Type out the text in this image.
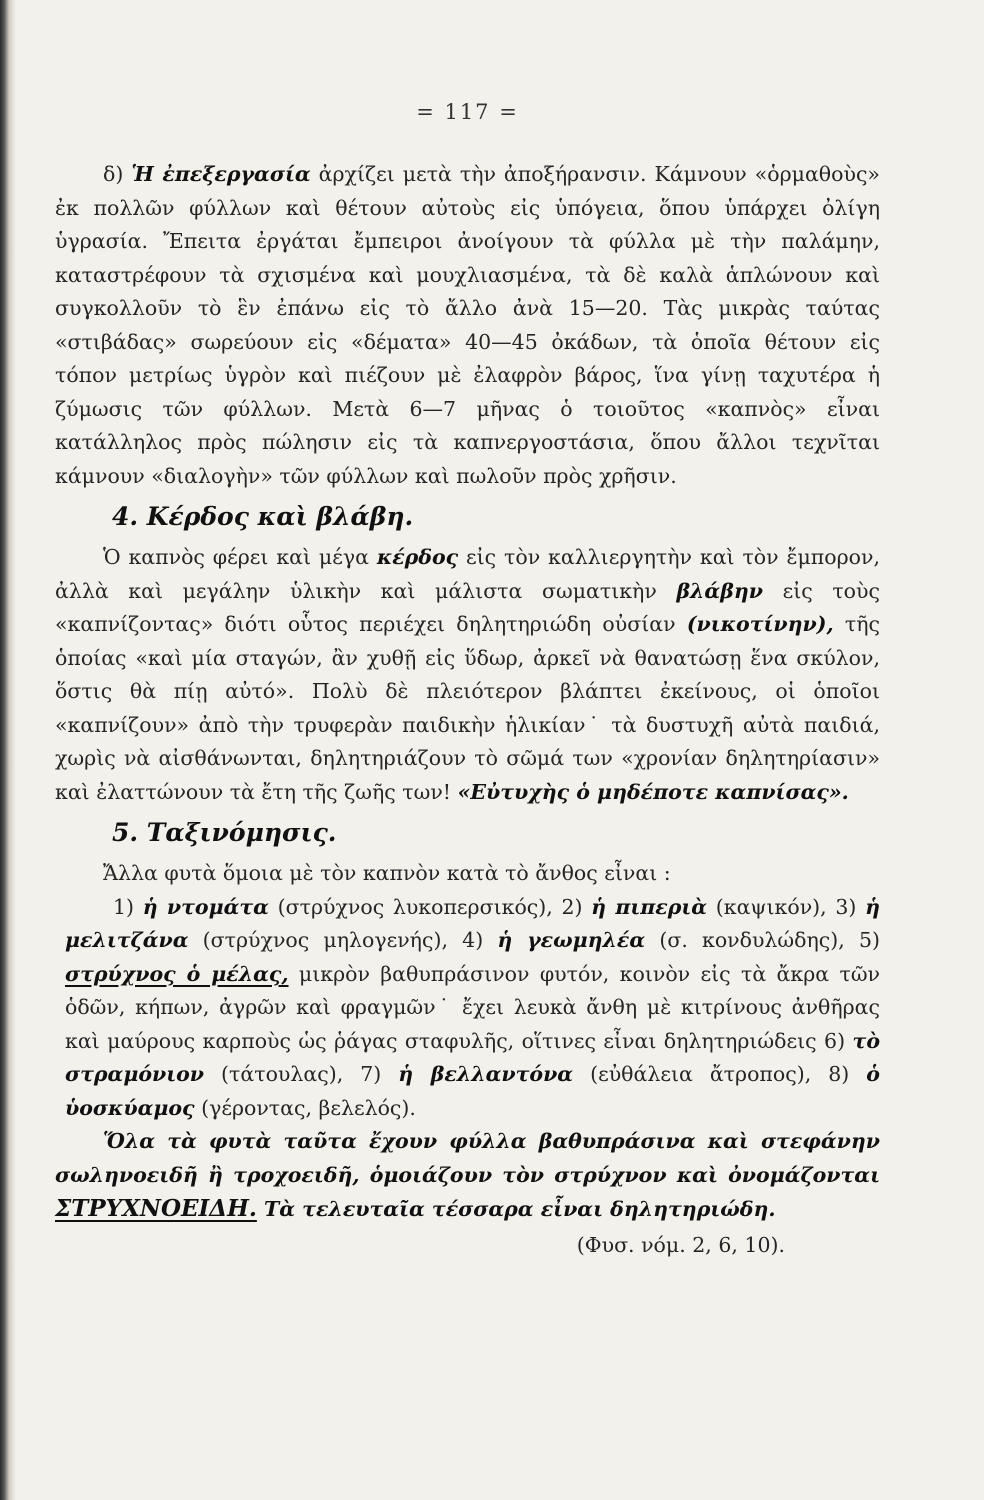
= 117 =

δ) Ἡ ἐπεξεργασία ἀρχίζει μετὰ τὴν ἀποξήρανσιν. Κάμνουν «ὁρμαθοὺς» ἐκ πολλῶν φύλλων καὶ θέτουν αὐτοὺς εἰς ὑπόγεια, ὅπου ὑπάρχει ὀλίγη ὑγρασία. Ἔπειτα ἐργάται ἔμπειροι ἀνοίγουν τὰ φύλλα μὲ τὴν παλάμην, καταστρέφουν τὰ σχισμένα καὶ μουχλιασμένα, τὰ δὲ καλὰ ἁπλώνουν καὶ συγκολλοῦν τὸ ἓν ἐπάνω εἰς τὸ ἄλλο ἀνὰ 15—20. Τὰς μικρὰς ταύτας «στιβάδας» σωρεύουν εἰς «δέματα» 40—45 ὀκάδων, τὰ ὁποῖα θέτουν εἰς τόπον μετρίως ὑγρὸν καὶ πιέζουν μὲ ἐλαφρὸν βάρος, ἵνα γίνῃ ταχυτέρα ἡ ζύμωσις τῶν φύλλων. Μετὰ 6—7 μῆνας ὁ τοιοῦτος «καπνὸς» εἶναι κατάλληλος πρὸς πώλησιν εἰς τὰ καπνεργοστάσια, ὅπου ἄλλοι τεχνῖται κάμνουν «διαλογὴν» τῶν φύλλων καὶ πωλοῦν πρὸς χρῆσιν.

4. Κέρδος καὶ βλάβη.

Ὁ καπνὸς φέρει καὶ μέγα κέρδος εἰς τὸν καλλιεργητὴν καὶ τὸν ἔμπορον, ἀλλὰ καὶ μεγάλην ὑλικὴν καὶ μάλιστα σωματικὴν βλάβην εἰς τοὺς «καπνίζοντας» διότι οὗτος περιέχει δηλητηριώδη οὐσίαν (νικοτίνην), τῆς ὁποίας «καὶ μία σταγών, ἂν χυθῇ εἰς ὕδωρ, ἀρκεῖ νὰ θανατώσῃ ἕνα σκύλον, ὅστις θὰ πίῃ αὐτό». Πολὺ δὲ πλειότερον βλάπτει ἐκείνους, οἱ ὁποῖοι «καπνίζουν» ἀπὸ τὴν τρυφερὰν παιδικὴν ἡλικίαν˙ τὰ δυστυχῆ αὐτὰ παιδιά, χωρὶς νὰ αἰσθάνωνται, δηλητηριάζουν τὸ σῶμά των «χρονίαν δηλητηρίασιν» καὶ ἐλαττώνουν τὰ ἔτη τῆς ζωῆς των! «Εὐτυχὴς ὁ μηδέποτε καπνίσας».

5. Ταξινόμησις.

Ἄλλα φυτὰ ὅμοια μὲ τὸν καπνὸν κατὰ τὸ ἄνθος εἶναι :

1) ἡ ντομάτα (στρύχνος λυκοπερσικός), 2) ἡ πιπεριὰ (καψικόν), 3) ἡ μελιτζάνα (στρύχνος μηλογενής), 4) ἡ γεωμηλέα (σ. κονδυλώδης), 5) στρύχνος ὁ μέλας, μικρὸν βαθυπράσινον φυτόν, κοινὸν εἰς τὰ ἄκρα τῶν ὁδῶν, κήπων, ἀγρῶν καὶ φραγμῶν˙ ἔχει λευκὰ ἄνθη μὲ κιτρίνους ἀνθῆρας καὶ μαύρους καρποὺς ὡς ῥάγας σταφυλῆς, οἵτινες εἶναι δηλητηριώδεις 6) τὸ στραμόνιον (τάτουλας), 7) ἡ βελλαντόνα (εὐθάλεια ἄτροπος), 8) ὁ ὑοσκύαμος (γέροντας, βελελός).

Ὅλα τὰ φυτὰ ταῦτα ἔχουν φύλλα βαθυπράσινα καὶ στεφάνην σωληνοειδῆ ἢ τροχοειδῆ, ὁμοιάζουν τὸν στρύχνον καὶ ὀνομάζονται ΣΤΡΥΧΝΟΕΙΔΗ. Τὰ τελευταῖα τέσσαρα εἶναι δηλητηριώδη.

(Φυσ. νόμ. 2, 6, 10).
